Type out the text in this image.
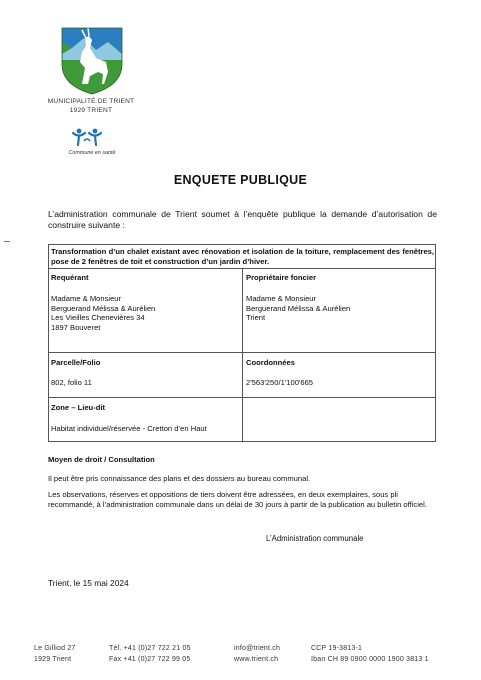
MUNICIPALITÉ DE TRIENT
1929 TRIENT
Commune en santé
ENQUETE PUBLIQUE
L’administration communale de Trient soumet à l’enquête publique la demande d’autorisation de construire suivante :
Transformation d’un chalet existant avec rénovation et isolation de la toiture, remplacement des fenêtres, pose de 2 fenêtres de toit et construction d’un jardin d’hiver.
Requérant
Madame & Monsieur
Berguerand Mélissa & Aurélien
Les Vieilles Chenevières 34
1897 Bouveret
Propriétaire foncier
Madame & Monsieur
Berguerand Mélissa & Aurélien
Trient
Parcelle/Folio
802, folio 11
Coordonnées
2'563'250/1'100'665
Zone – Lieu-dit
Habitat individuel/réservée - Cretton d’en Haut
Moyen de droit / Consultation
Il peut être pris connaissance des plans et des dossiers au bureau communal.
Les observations, réserves et oppositions de tiers doivent être adressées, en deux exemplaires, sous pli recommandé, à l’administration communale dans un délai de 30 jours à partir de la publication au bulletin officiel.
L’Administration communale
Trient, le 15 mai 2024
Le Gilliod 27
1929 Trient
Tél. +41 (0)27 722 21 05
Fax +41 (0)27 722 99 05
info@trient.ch
www.trient.ch
CCP 19-3813-1
Iban CH 89 0900 0000 1900 3813 1
